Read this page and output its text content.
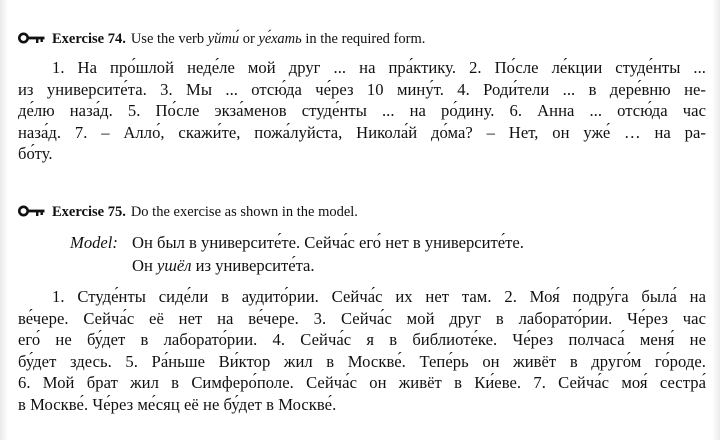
Exercise 74. Use the verb уйти́ or уе́хать in the required form.
1. На про́шлой неде́ле мой друг ... на пра́ктику. 2. По́сле ле́кции студе́нты ...
из университе́та. 3. Мы ... отсю́да че́рез 10 мину́т. 4. Роди́тели ... в дере́вню не-
де́лю наза́д. 5. По́сле экза́менов студе́нты ... на ро́дину. 6. Анна ... отсю́да час
наза́д. 7. – Алло́, скажи́те, пожа́луйста, Никола́й до́ма? – Нет, он уже́ … на ра-
бо́ту.
Exercise 75. Do the exercise as shown in the model.
Model: Он был в университе́те. Сейча́с его́ нет в университе́те.
Он ушёл из университе́та.
1. Студе́нты сиде́ли в аудито́рии. Сейча́с их нет там. 2. Моя́ подру́га была́ на
ве́чере. Сейча́с её нет на ве́чере. 3. Сейча́с мой друг в лаборато́рии. Че́рез час
его́ не бу́дет в лаборато́рии. 4. Сейча́с я в библиоте́ке. Че́рез полчаса́ меня́ не
бу́дет здесь. 5. Ра́ньше Ви́ктор жил в Москве́. Тепе́рь он живёт в друго́м го́роде.
6. Мой брат жил в Симферо́поле. Сейча́с он живёт в Ки́еве. 7. Сейча́с моя́ сестра́
в Москве́. Че́рез ме́сяц её не бу́дет в Москве́.
